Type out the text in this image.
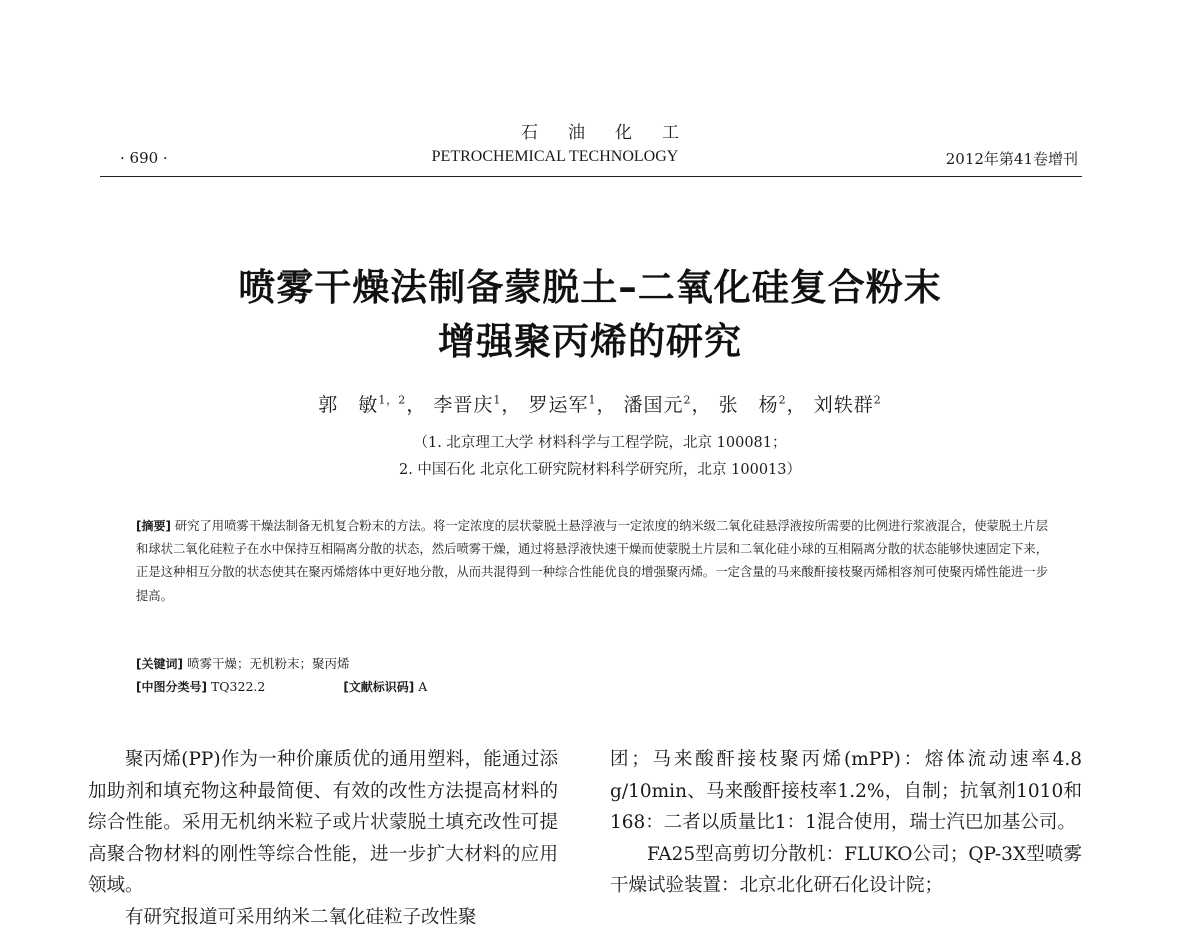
石油化工
· 690 ·	PETROCHEMICAL TECHNOLOGY	2012年第41卷增刊
喷雾干燥法制备蒙脱土–二氧化硅复合粉末
增强聚丙烯的研究
郭　敏$^{1,2}$， 李晋庆$^1$， 罗运军$^1$， 潘国元$^2$， 张　杨$^2$， 刘轶群$^2$
（1. 北京理工大学 材料科学与工程学院，北京 100081；
2. 中国石化 北京化工研究院材料科学研究所，北京 100013）
[摘要] 研究了用喷雾干燥法制备无机复合粉末的方法。将一定浓度的层状蒙脱土悬浮液与一定浓度的纳米级二氧化硅悬浮液按所需要的比例进行浆液混合，使蒙脱土片层和球状二氧化硅粒子在水中保持互相隔离分散的状态，然后喷雾干燥，通过将悬浮液快速干燥而使蒙脱土片层和二氧化硅小球的互相隔离分散的状态能够快速固定下来，正是这种相互分散的状态使其在聚丙烯熔体中更好地分散，从而共混得到一种综合性能优良的增强聚丙烯。一定含量的马来酸酐接枝聚丙烯相容剂可使聚丙烯性能进一步提高。
[关键词] 喷雾干燥；无机粉末；聚丙烯
[中图分类号] TQ322.2	[文献标识码] A

聚丙烯(PP)作为一种价廉质优的通用塑料，能通过添加助剂和填充物这种最简便、有效的改性方法提高材料的综合性能。采用无机纳米粒子或片状蒙脱土填充改性可提高聚合物材料的刚性等综合性能，进一步扩大材料的应用领域。

有研究报道可采用纳米二氧化硅粒子改性聚

团；马来酸酐接枝聚丙烯(mPP)：熔体流动速率4.8 g/10min、马来酸酐接枝率1.2%，自制；抗氧剂1010和168：二者以质量比1：1混合使用，瑞士汽巴加基公司。

FA25型高剪切分散机：FLUKO公司；QP-3X型喷雾干燥试验装置：北京北化研石化设计院；
